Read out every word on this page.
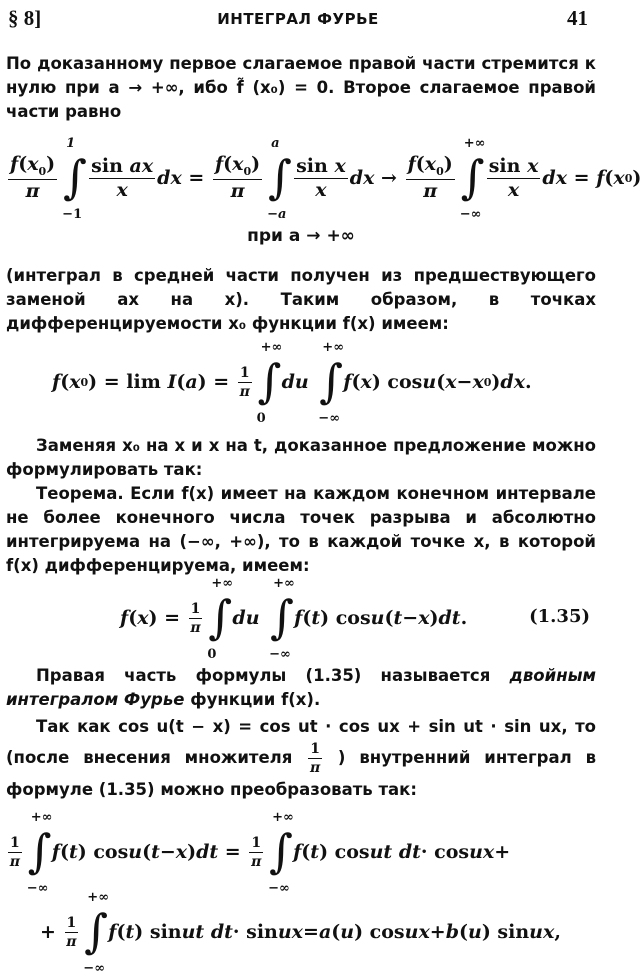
§ 8]	ИНТЕГРАЛ ФУРЬЕ	41
По доказанному первое слагаемое правой части стремится к нулю при a → +∞, ибо f̃ (x₀) = 0. Второе слагаемое правой части равно
$\frac{f(x_0)}{\pi}$
1
∫
−1
$\frac{\text{sin ax}}{x}$ dx = $\frac{f(x_0)}{\pi}$
a
∫
−a
$\frac{\text{sin x}}{x}$ dx → $\frac{f(x_0)}{\pi}$
+∞
∫
−∞
$\frac{\text{sin x}}{x}$ dx = f ( x 0 )
при a → +∞
(интеграл в средней части получен из предшествующего заменой ax на x). Таким образом, в точках дифференцируемости x₀ функции f(x) имеем:
f ( x 0 ) = lim I ( a ) = $\frac{1}{\pi}$
+∞
∫
0
du

+∞
∫
−∞
f ( x ) cos u ( x − x 0 ) dx .
Заменяя x₀ на x и x на t, доказанное предложение можно формулировать так:
Теорема. Если f(x) имеет на каждом конечном интервале не более конечного числа точек разрыва и абсолютно интегрируема на (−∞, +∞), то в каждой точке x, в которой f(x) дифференцируема, имеем:
f ( x ) = $\frac{1}{\pi}$
+∞
∫
0
du

+∞
∫
−∞
f ( t ) cos u ( t − x ) dt .	(1.35)
Правая часть формулы (1.35) называется двойным интегралом Фурье функции f(x).
Так как cos u(t − x) = cos ut · cos ux + sin ut · sin ux, то (после внесения множителя $\frac{1}{\pi}$ ) внутренний интеграл в формуле (1.35) можно преобразовать так:
$\frac{1}{\pi}$
+∞
∫
−∞
f ( t ) cos u ( t − x ) dt = $\frac{1}{\pi}$
+∞
∫
−∞
f ( t ) cos ut dt · cos ux +
+ $\frac{1}{\pi}$
+∞
∫
−∞
f ( t ) sin ut dt · sin ux = a ( u ) cos ux + b ( u ) sin ux ,
